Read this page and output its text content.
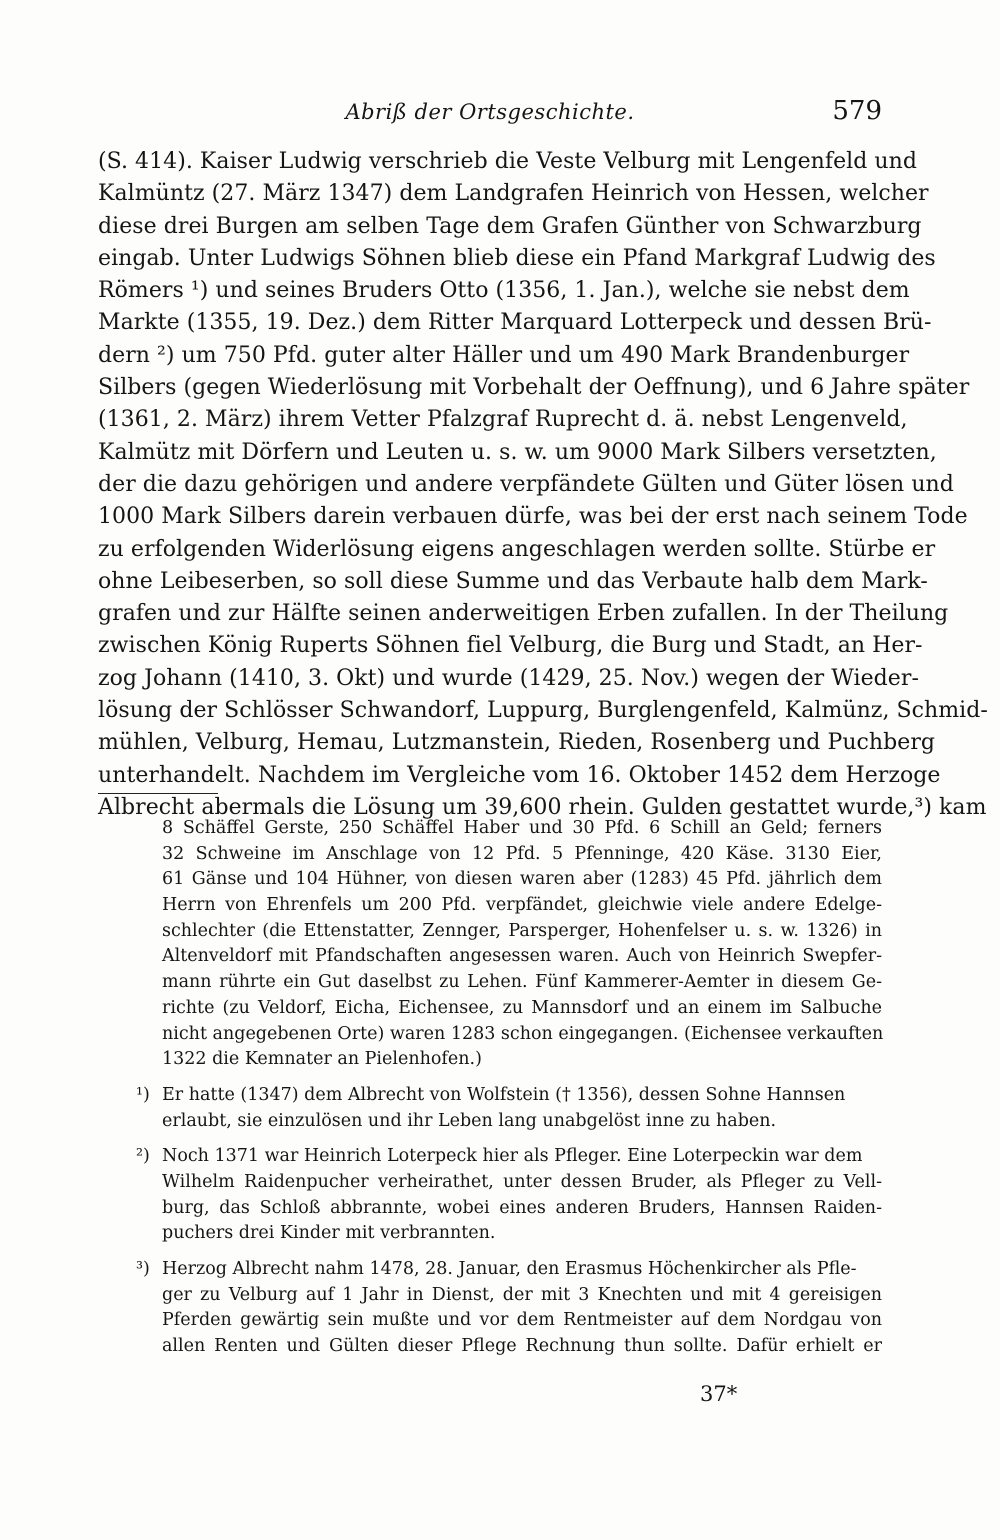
Abriß der Ortsgeschichte.	579
(S. 414). Kaiser Ludwig verschrieb die Veste Velburg mit Lengenfeld und
Kalmüntz (27. März 1347) dem Landgrafen Heinrich von Hessen, welcher
diese drei Burgen am selben Tage dem Grafen Günther von Schwarzburg
eingab. Unter Ludwigs Söhnen blieb diese ein Pfand Markgraf Ludwig des
Römers ¹) und seines Bruders Otto (1356, 1. Jan.), welche sie nebst dem
Markte (1355, 19. Dez.) dem Ritter Marquard Lotterpeck und dessen Brü-
dern ²) um 750 Pfd. guter alter Häller und um 490 Mark Brandenburger
Silbers (gegen Wiederlösung mit Vorbehalt der Oeffnung), und 6 Jahre später
(1361, 2. März) ihrem Vetter Pfalzgraf Ruprecht d. ä. nebst Lengenveld,
Kalmütz mit Dörfern und Leuten u. s. w. um 9000 Mark Silbers versetzten,
der die dazu gehörigen und andere verpfändete Gülten und Güter lösen und
1000 Mark Silbers darein verbauen dürfe, was bei der erst nach seinem Tode
zu erfolgenden Widerlösung eigens angeschlagen werden sollte. Stürbe er
ohne Leibeserben, so soll diese Summe und das Verbaute halb dem Mark-
grafen und zur Hälfte seinen anderweitigen Erben zufallen. In der Theilung
zwischen König Ruperts Söhnen fiel Velburg, die Burg und Stadt, an Her-
zog Johann (1410, 3. Okt) und wurde (1429, 25. Nov.) wegen der Wieder-
lösung der Schlösser Schwandorf, Luppurg, Burglengenfeld, Kalmünz, Schmid-
mühlen, Velburg, Hemau, Lutzmanstein, Rieden, Rosenberg und Puchberg
unterhandelt. Nachdem im Vergleiche vom 16. Oktober 1452 dem Herzoge
Albrecht abermals die Lösung um 39,600 rhein. Gulden gestattet wurde,³) kam
8 Schäffel Gerste, 250 Schäffel Haber und 30 Pfd. 6 Schill an Geld; ferners
32 Schweine im Anschlage von 12 Pfd. 5 Pfenninge, 420 Käse. 3130 Eier,
61 Gänse und 104 Hühner, von diesen waren aber (1283) 45 Pfd. jährlich dem
Herrn von Ehrenfels um 200 Pfd. verpfändet, gleichwie viele andere Edelge-
schlechter (die Ettenstatter, Zennger, Parsperger, Hohenfelser u. s. w. 1326) in
Altenveldorf mit Pfandschaften angesessen waren. Auch von Heinrich Swepfer-
mann rührte ein Gut daselbst zu Lehen. Fünf Kammerer-Aemter in diesem Ge-
richte (zu Veldorf, Eicha, Eichensee, zu Mannsdorf und an einem im Salbuche
nicht angegebenen Orte) waren 1283 schon eingegangen. (Eichensee verkauften
1322 die Kemnater an Pielenhofen.)
¹) Er hatte (1347) dem Albrecht von Wolfstein († 1356), dessen Sohne Hannsen
erlaubt, sie einzulösen und ihr Leben lang unabgelöst inne zu haben.
²) Noch 1371 war Heinrich Loterpeck hier als Pfleger. Eine Loterpeckin war dem
Wilhelm Raidenpucher verheirathet, unter dessen Bruder, als Pfleger zu Vell-
burg, das Schloß abbrannte, wobei eines anderen Bruders, Hannsen Raiden-
puchers drei Kinder mit verbrannten.
³) Herzog Albrecht nahm 1478, 28. Januar, den Erasmus Höchenkircher als Pfle-
ger zu Velburg auf 1 Jahr in Dienst, der mit 3 Knechten und mit 4 gereisigen
Pferden gewärtig sein mußte und vor dem Rentmeister auf dem Nordgau von
allen Renten und Gülten dieser Pflege Rechnung thun sollte. Dafür erhielt er
37*
